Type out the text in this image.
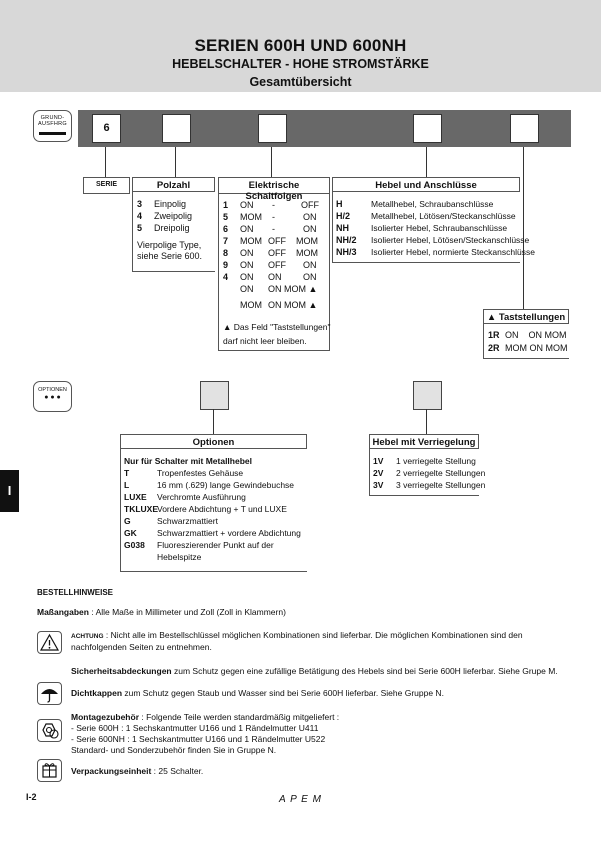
SERIEN 600H UND 600NH
HEBELSCHALTER - HOHE STROMSTÄRKE
Gesamtübersicht
GRUND-
AUSFHRG	6
SERIE	Polzahl
3 Einpolig
4 Zweipolig
5 Dreipolig
Vierpolige Type,
siehe Serie 600.
Elektrische Schaltfolgen
1 ON -	OFF
5 MOM -	ON
6 ON -	ON
7 MOM OFF MOM
8 ON OFF MOM
9 ON OFF ON
4 ON ON ON
ON ON MOM ▲
MOM ON MOM ▲
▲ Das Feld "Taststellungen"
darf nicht leer bleiben.
Hebel und Anschlüsse
H	Metallhebel, Schraubanschlüsse
H/2 Metallhebel, Lötösen/Steckanschlüsse
NH	Isolierter Hebel, Schraubanschlüsse
NH/2 Isolierter Hebel, Lötösen/Steckanschlüsse
NH/3 Isolierter Hebel, normierte Steckanschlüsse
▲ Taststellungen
1R ON    ON MOM
2R MOM ON MOM
OPTIONEN
● ● ●
Optionen
Nur für Schalter mit Metallhebel
T	Tropenfestes Gehäuse
L	16 mm (.629) lange Gewindebuchse
LUXE Verchromte Ausführung
TKLUXE Vordere Abdichtung + T und LUXE
G	Schwarzmattiert
GK Schwarzmattiert + vordere Abdichtung
G038 Fluoreszierender Punkt auf der
Hebelspitze
Hebel mit Verriegelung
1V 1 verriegelte Stellung
2V 2 verriegelte Stellungen
3V 3 verriegelte Stellungen
I
BESTELLHINWEISE
Maßangaben : Alle Maße in Millimeter und Zoll (Zoll in Klammern)
ACHTUNG : Nicht alle im Bestellschlüssel möglichen Kombinationen sind lieferbar. Die möglichen Kombinationen sind den
nachfolgenden Seiten zu entnehmen.
Sicherheitsabdeckungen zum Schutz gegen eine zufällige Betätigung des Hebels sind bei Serie 600H lieferbar. Siehe Grupe M.
Dichtkappen zum Schutz gegen Staub und Wasser sind bei Serie 600H lieferbar. Siehe Gruppe N.
Montagezubehör : Folgende Teile werden standardmäßig mitgeliefert :
- Serie 600H : 1 Sechskantmutter U166 und 1 Rändelmutter U411
- Serie 600NH : 1 Sechskantmutter U166 und 1 Rändelmutter U522
Standard- und Sonderzubehör finden Sie in Gruppe N.
Verpackungseinheit : 25 Schalter.
I-2	A P E M
